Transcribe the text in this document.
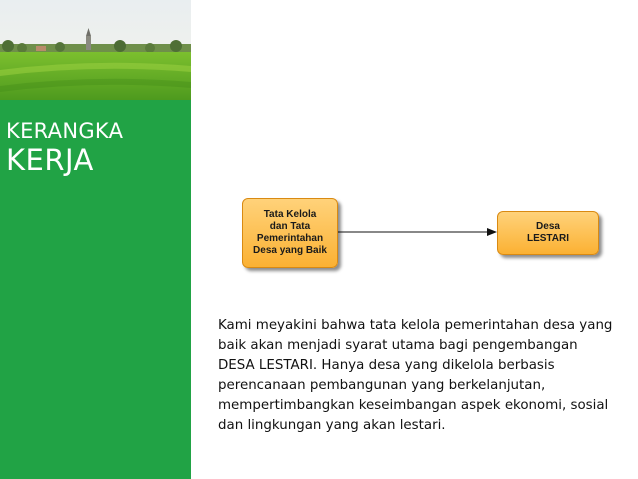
KERANGKA
KERJA
Tata Kelola
dan Tata
Pemerintahan
Desa yang Baik
Desa
LESTARI
Kami meyakini bahwa tata kelola pemerintahan desa yang
baik akan menjadi syarat utama bagi pengembangan
DESA LESTARI. Hanya desa yang dikelola berbasis
perencanaan pembangunan yang berkelanjutan,
mempertimbangkan keseimbangan aspek ekonomi, sosial
dan lingkungan yang akan lestari.
